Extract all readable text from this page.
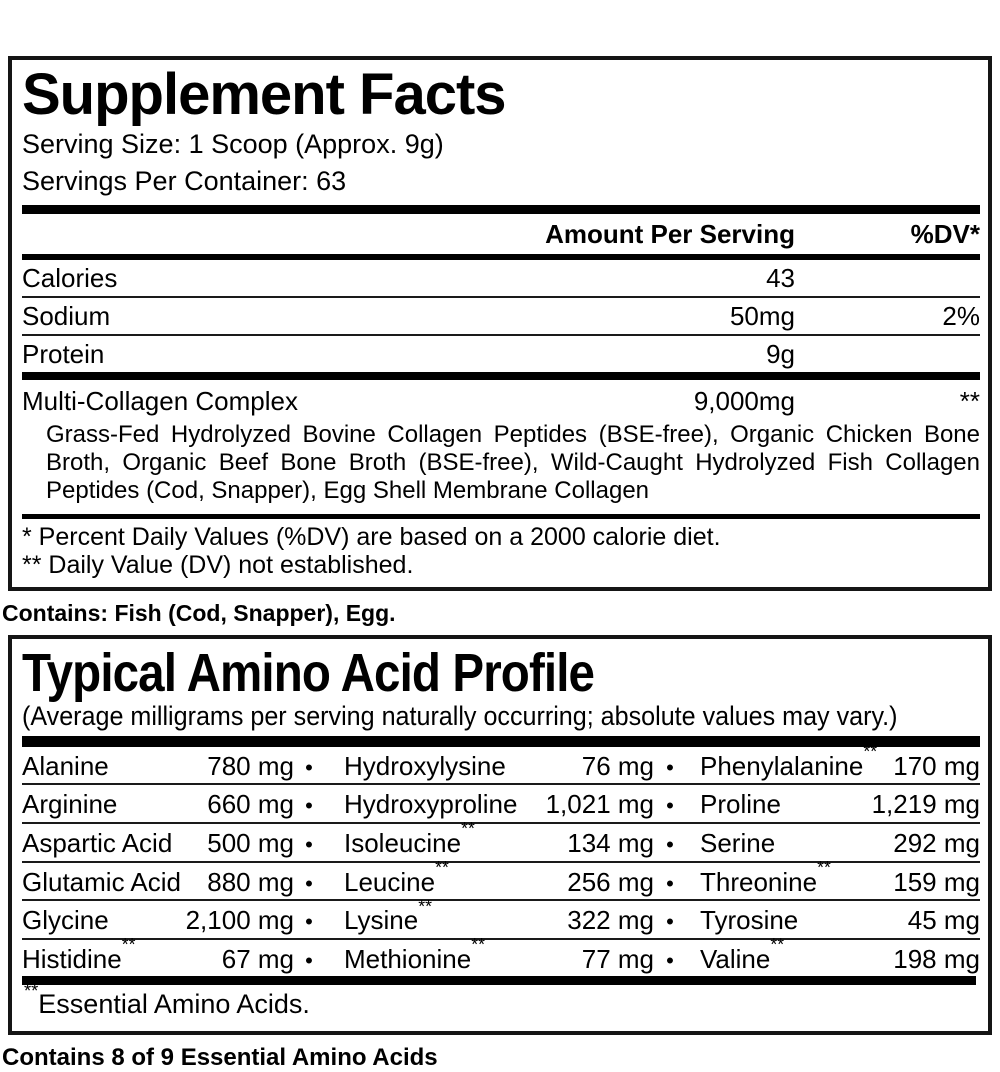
Supplement Facts
Serving Size: 1 Scoop (Approx. 9g)
Servings Per Container: 63
Amount Per Serving	%DV*
Calories	43
Sodium	50mg	2%
Protein	9g
Multi-Collagen Complex	9,000mg	**

Grass-Fed Hydrolyzed Bovine Collagen Peptides (BSE-free), Organic Chicken Bone Broth, Organic Beef Bone Broth (BSE-free), Wild-Caught Hydrolyzed Fish Collagen Peptides (Cod, Snapper), Egg Shell Membrane Collagen

* Percent Daily Values (%DV) are based on a 2000 calorie diet.
** Daily Value (DV) not established.
Contains: Fish (Cod, Snapper), Egg.
Typical Amino Acid Profile
(Average milligrams per serving naturally occurring; absolute values may vary.)
Alanine	780 mg •	Hydroxylysine	76 mg •	Phenylalanine** 170 mg
Arginine	660 mg •	Hydroxyproline 1,021 mg •	Proline	1,219 mg
Aspartic Acid 500 mg •	Isoleucine**	134 mg •	Serine	292 mg
Glutamic Acid 880 mg •	Leucine**	256 mg •	Threonine** 159 mg
Glycine	2,100 mg •	Lysine**	322 mg •	Tyrosine	45 mg
Histidine**	67 mg •	Methionine**	77 mg •	Valine**	198 mg
**Essential Amino Acids.
Contains 8 of 9 Essential Amino Acids
